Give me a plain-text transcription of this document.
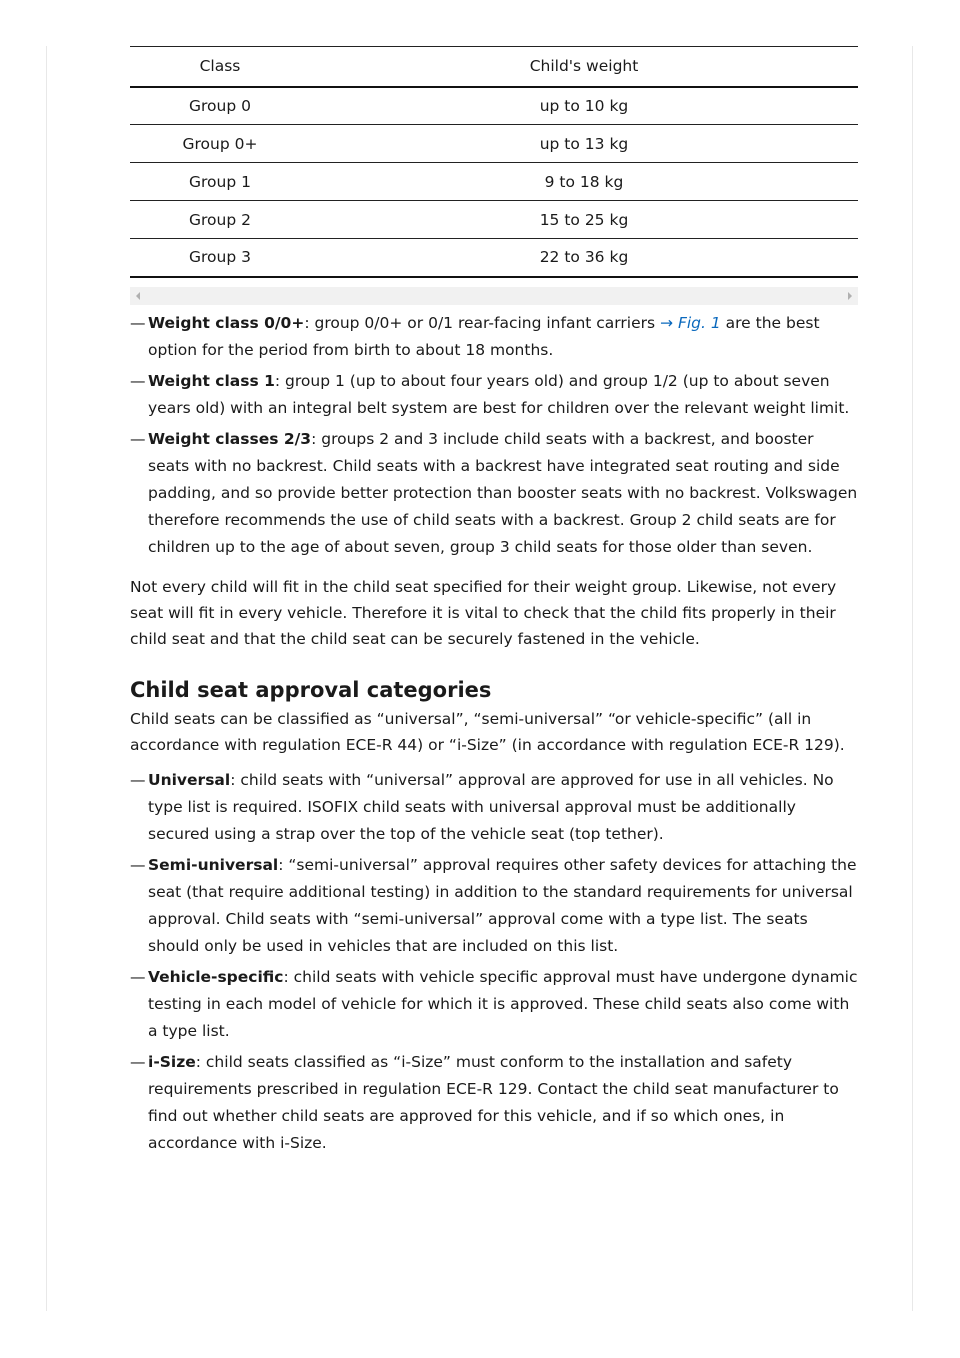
Class	Child's weight
Group 0	up to 10 kg
Group 0+	up to 13 kg
Group 1	9 to 18 kg
Group 2	15 to 25 kg
Group 3	22 to 36 kg
— Weight class 0/0+: group 0/0+ or 0/1 rear-facing infant carriers → Fig. 1 are the best option for the period from birth to about 18 months.
— Weight class 1: group 1 (up to about four years old) and group 1/2 (up to about seven years old) with an integral belt system are best for children over the relevant weight limit.
— Weight classes 2/3: groups 2 and 3 include child seats with a backrest, and booster seats with no backrest. Child seats with a backrest have integrated seat routing and side padding, and so provide better protection than booster seats with no backrest. Volkswagen therefore recommends the use of child seats with a backrest. Group 2 child seats are for children up to the age of about seven, group 3 child seats for those older than seven.

Not every child will fit in the child seat specified for their weight group. Likewise, not every seat will fit in every vehicle. Therefore it is vital to check that the child fits properly in their child seat and that the child seat can be securely fastened in the vehicle.

Child seat approval categories

Child seats can be classified as “universal”, “semi-universal” “or vehicle-specific” (all in accordance with regulation ECE-R 44) or “i-Size” (in accordance with regulation ECE-R 129).

— Universal: child seats with “universal” approval are approved for use in all vehicles. No type list is required. ISOFIX child seats with universal approval must be additionally secured using a strap over the top of the vehicle seat (top tether).
— Semi-universal: “semi-universal” approval requires other safety devices for attaching the seat (that require additional testing) in addition to the standard requirements for universal approval. Child seats with “semi-universal” approval come with a type list. The seats should only be used in vehicles that are included on this list.
— Vehicle-specific: child seats with vehicle specific approval must have undergone dynamic testing in each model of vehicle for which it is approved. These child seats also come with a type list.
— i-Size: child seats classified as “i-Size” must conform to the installation and safety requirements prescribed in regulation ECE-R 129. Contact the child seat manufacturer to find out whether child seats are approved for this vehicle, and if so which ones, in accordance with i-Size.
